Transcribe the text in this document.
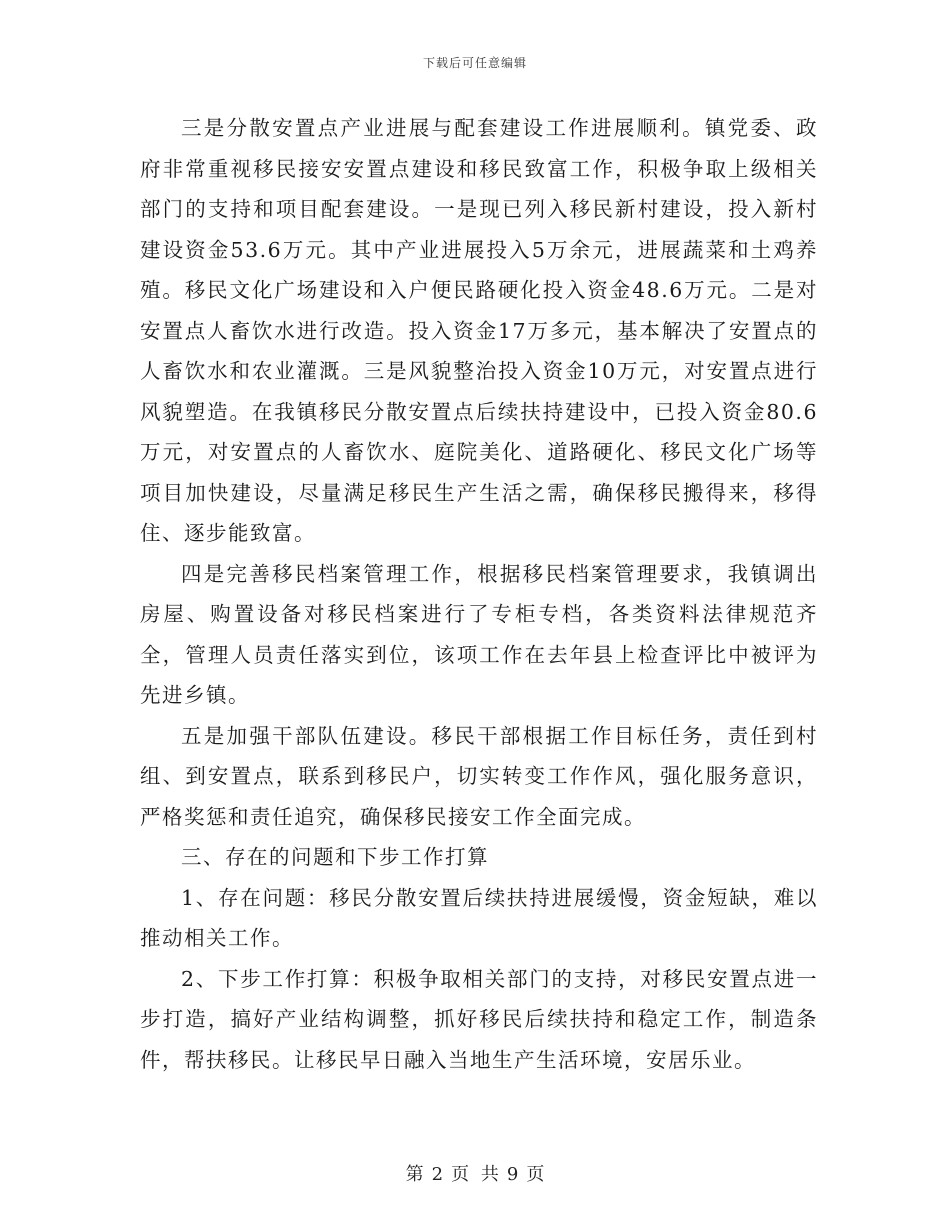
下载后可任意编辑

三是分散安置点产业进展与配套建设工作进展顺利。镇党委、政府非常重视移民接安安置点建设和移民致富工作，积极争取上级相关部门的支持和项目配套建设。一是现已列入移民新村建设，投入新村建设资金53.6万元。其中产业进展投入5万余元，进展蔬菜和土鸡养殖。移民文化广场建设和入户便民路硬化投入资金48.6万元。二是对安置点人畜饮水进行改造。投入资金17万多元，基本解决了安置点的人畜饮水和农业灌溉。三是风貌整治投入资金10万元，对安置点进行风貌塑造。在我镇移民分散安置点后续扶持建设中，已投入资金80.6万元，对安置点的人畜饮水、庭院美化、道路硬化、移民文化广场等项目加快建设，尽量满足移民生产生活之需，确保移民搬得来，移得住、逐步能致富。

四是完善移民档案管理工作，根据移民档案管理要求，我镇调出房屋、购置设备对移民档案进行了专柜专档，各类资料法律规范齐全，管理人员责任落实到位，该项工作在去年县上检查评比中被评为先进乡镇。

五是加强干部队伍建设。移民干部根据工作目标任务，责任到村组、到安置点，联系到移民户，切实转变工作作风，强化服务意识，严格奖惩和责任追究，确保移民接安工作全面完成。

三、存在的问题和下步工作打算

1、存在问题：移民分散安置后续扶持进展缓慢，资金短缺，难以推动相关工作。

2、下步工作打算：积极争取相关部门的支持，对移民安置点进一步打造，搞好产业结构调整，抓好移民后续扶持和稳定工作，制造条件，帮扶移民。让移民早日融入当地生产生活环境，安居乐业。

第 2 页 共 9 页
